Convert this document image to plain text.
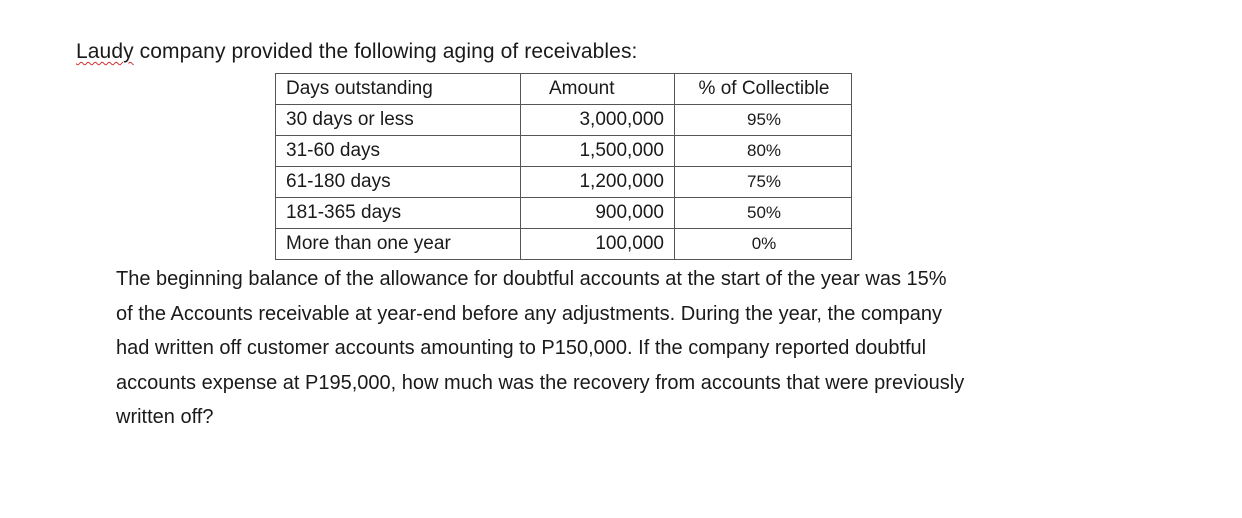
Laudy company provided the following aging of receivables:
Days outstanding	Amount	% of Collectible
30 days or less	3,000,000	95%
31-60 days	1,500,000	80%
61-180 days	1,200,000	75%
181-365 days	900,000	50%
More than one year	100,000	0%
The beginning balance of the allowance for doubtful accounts at the start of the year was 15%
of the Accounts receivable at year-end before any adjustments. During the year, the company
had written off customer accounts amounting to P150,000. If the company reported doubtful
accounts expense at P195,000, how much was the recovery from accounts that were previously
written off?
